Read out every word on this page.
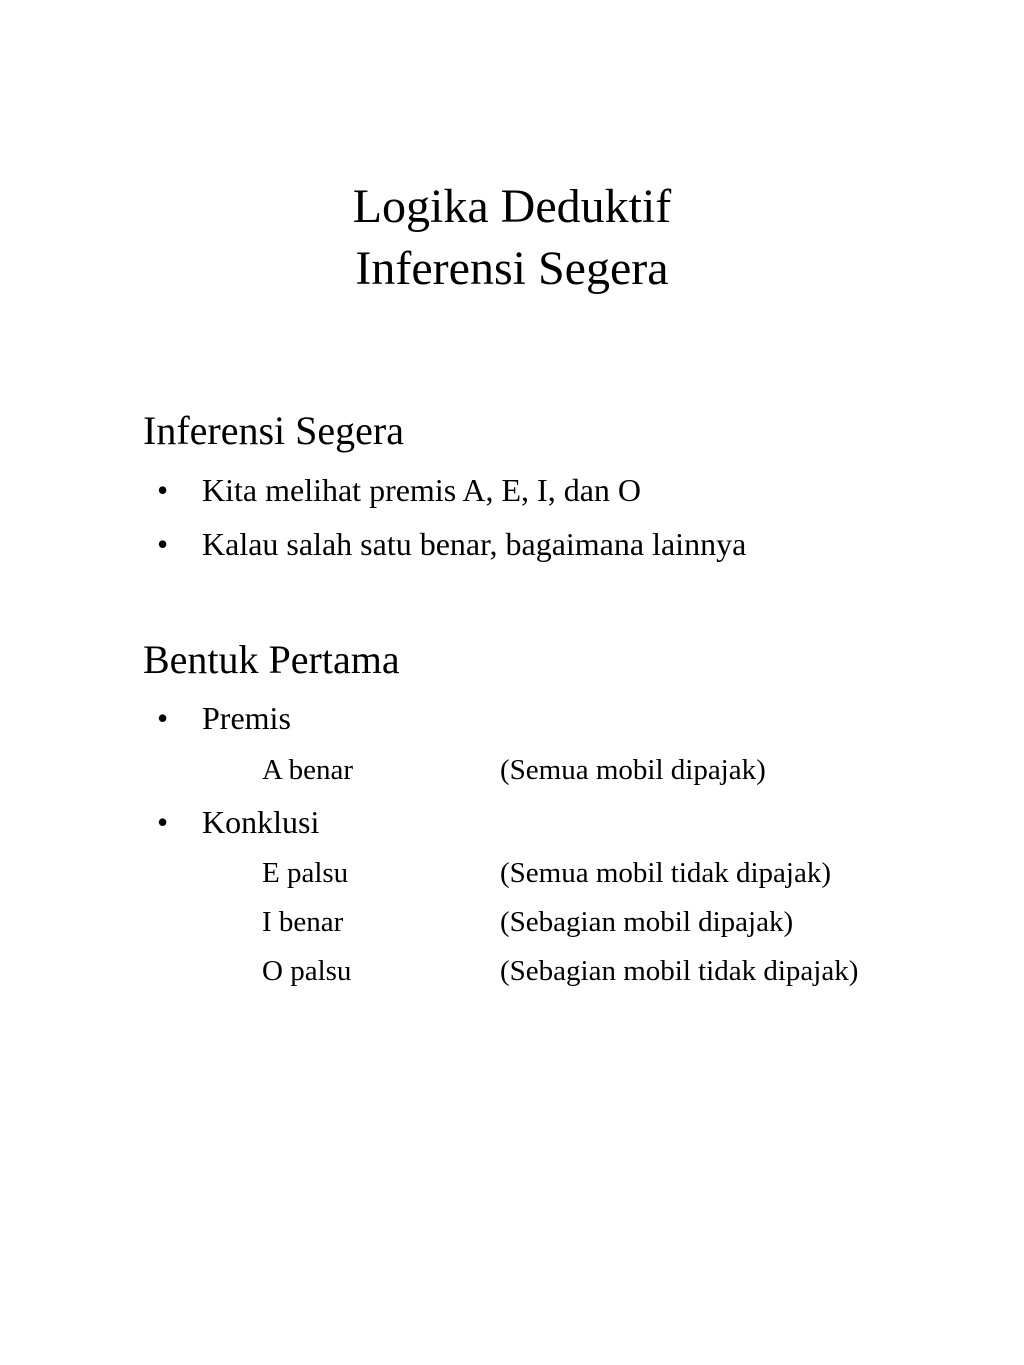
Logika Deduktif
Inferensi Segera
Inferensi Segera
• Kita melihat premis A, E, I, dan O
• Kalau salah satu benar, bagaimana lainnya
Bentuk Pertama
• Premis
A benar	(Semua mobil dipajak)
• Konklusi
E palsu	(Semua mobil tidak dipajak)
I benar	(Sebagian mobil dipajak)
O palsu	(Sebagian mobil tidak dipajak)
